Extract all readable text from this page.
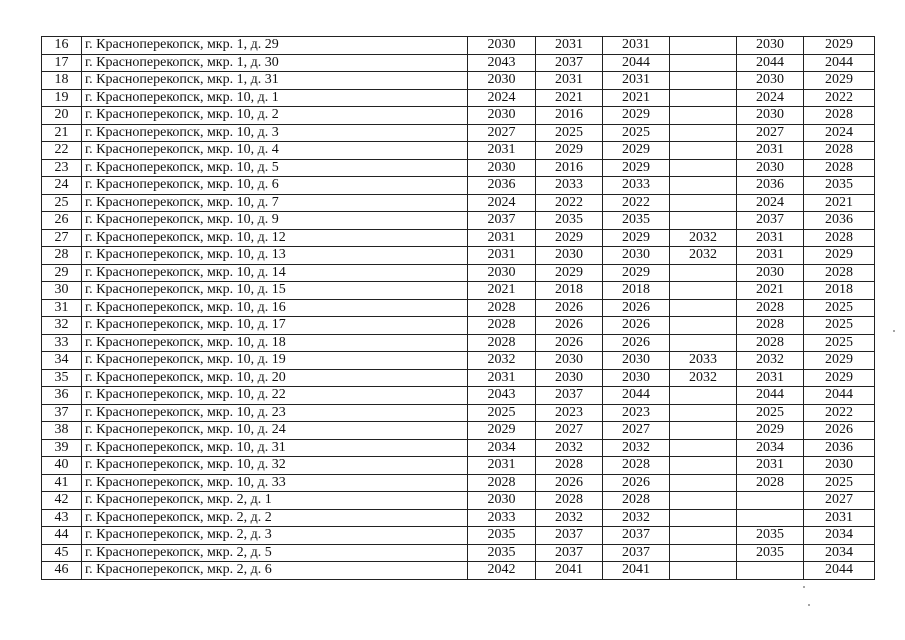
16	г. Красноперекопск, мкр. 1, д. 29	2030	2031	2031		2030	2029
17	г. Красноперекопск, мкр. 1, д. 30	2043	2037	2044		2044	2044
18	г. Красноперекопск, мкр. 1, д. 31	2030	2031	2031		2030	2029
19	г. Красноперекопск, мкр. 10, д. 1	2024	2021	2021		2024	2022
20	г. Красноперекопск, мкр. 10, д. 2	2030	2016	2029		2030	2028
21	г. Красноперекопск, мкр. 10, д. 3	2027	2025	2025		2027	2024
22	г. Красноперекопск, мкр. 10, д. 4	2031	2029	2029		2031	2028
23	г. Красноперекопск, мкр. 10, д. 5	2030	2016	2029		2030	2028
24	г. Красноперекопск, мкр. 10, д. 6	2036	2033	2033		2036	2035
25	г. Красноперекопск, мкр. 10, д. 7	2024	2022	2022		2024	2021
26	г. Красноперекопск, мкр. 10, д. 9	2037	2035	2035		2037	2036
27	г. Красноперекопск, мкр. 10, д. 12	2031	2029	2029	2032	2031	2028
28	г. Красноперекопск, мкр. 10, д. 13	2031	2030	2030	2032	2031	2029
29	г. Красноперекопск, мкр. 10, д. 14	2030	2029	2029		2030	2028
30	г. Красноперекопск, мкр. 10, д. 15	2021	2018	2018		2021	2018
31	г. Красноперекопск, мкр. 10, д. 16	2028	2026	2026		2028	2025
32	г. Красноперекопск, мкр. 10, д. 17	2028	2026	2026		2028	2025
33	г. Красноперекопск, мкр. 10, д. 18	2028	2026	2026		2028	2025
34	г. Красноперекопск, мкр. 10, д. 19	2032	2030	2030	2033	2032	2029
35	г. Красноперекопск, мкр. 10, д. 20	2031	2030	2030	2032	2031	2029
36	г. Красноперекопск, мкр. 10, д. 22	2043	2037	2044		2044	2044
37	г. Красноперекопск, мкр. 10, д. 23	2025	2023	2023		2025	2022
38	г. Красноперекопск, мкр. 10, д. 24	2029	2027	2027		2029	2026
39	г. Красноперекопск, мкр. 10, д. 31	2034	2032	2032		2034	2036
40	г. Красноперекопск, мкр. 10, д. 32	2031	2028	2028		2031	2030
41	г. Красноперекопск, мкр. 10, д. 33	2028	2026	2026		2028	2025
42	г. Красноперекопск, мкр. 2, д. 1	2030	2028	2028			2027
43	г. Красноперекопск, мкр. 2, д. 2	2033	2032	2032			2031
44	г. Красноперекопск, мкр. 2, д. 3	2035	2037	2037		2035	2034
45	г. Красноперекопск, мкр. 2, д. 5	2035	2037	2037		2035	2034
46	г. Красноперекопск, мкр. 2, д. 6	2042	2041	2041			2044
